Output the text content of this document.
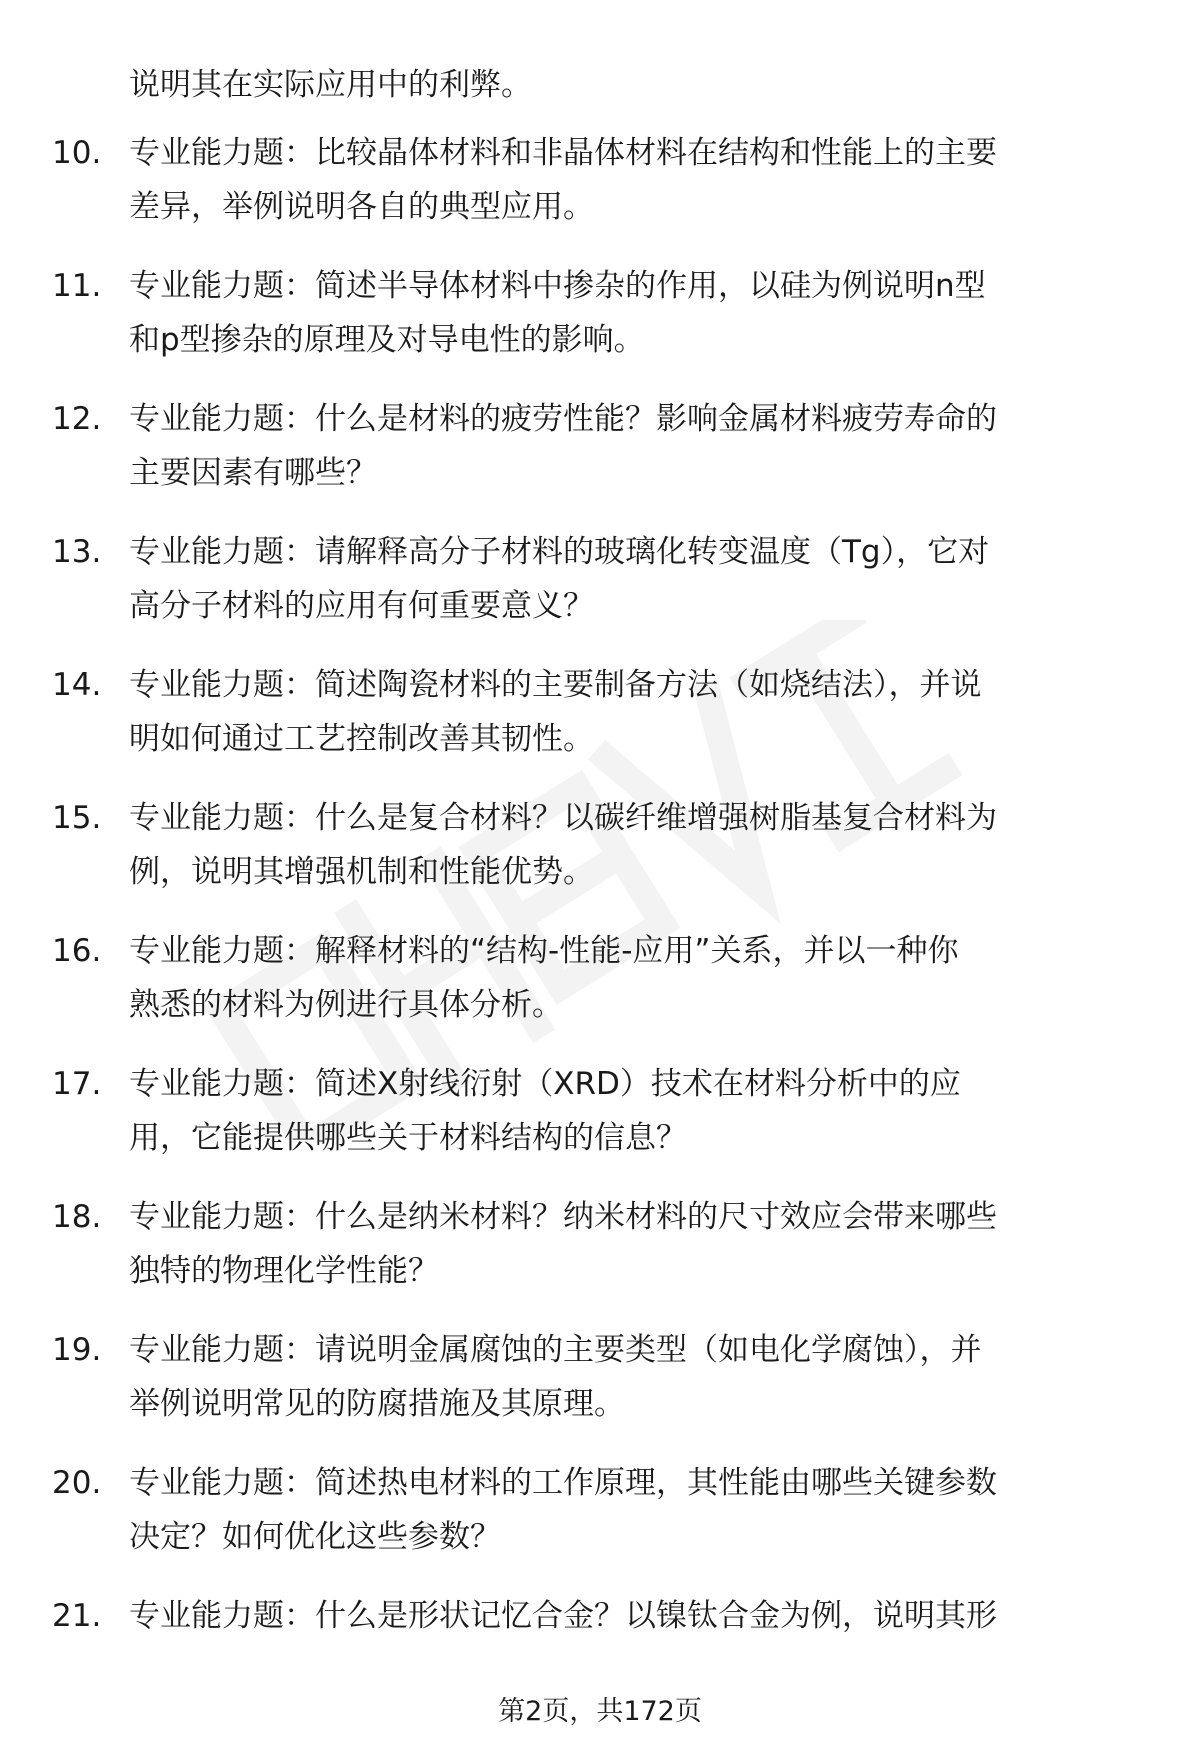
说明其在实际应用中的利弊。
10. 专业能力题：比较晶体材料和非晶体材料在结构和性能上的主要
差异，举例说明各自的典型应用。
11. 专业能力题：简述半导体材料中掺杂的作用，以硅为例说明n型
和p型掺杂的原理及对导电性的影响。
12. 专业能力题：什么是材料的疲劳性能？影响金属材料疲劳寿命的
主要因素有哪些？
13. 专业能力题：请解释高分子材料的玻璃化转变温度（Tg），它对
高分子材料的应用有何重要意义？
14. 专业能力题：简述陶瓷材料的主要制备方法（如烧结法），并说
明如何通过工艺控制改善其韧性。
15. 专业能力题：什么是复合材料？以碳纤维增强树脂基复合材料为
例，说明其增强机制和性能优势。
16. 专业能力题：解释材料的“结构-性能-应用”关系，并以一种你
熟悉的材料为例进行具体分析。
17. 专业能力题：简述X射线衍射（XRD）技术在材料分析中的应
用，它能提供哪些关于材料结构的信息？
18. 专业能力题：什么是纳米材料？纳米材料的尺寸效应会带来哪些
独特的物理化学性能？
19. 专业能力题：请说明金属腐蚀的主要类型（如电化学腐蚀），并
举例说明常见的防腐措施及其原理。
20. 专业能力题：简述热电材料的工作原理，其性能由哪些关键参数
决定？如何优化这些参数？
21. 专业能力题：什么是形状记忆合金？以镍钛合金为例，说明其形
第2页，共172页
